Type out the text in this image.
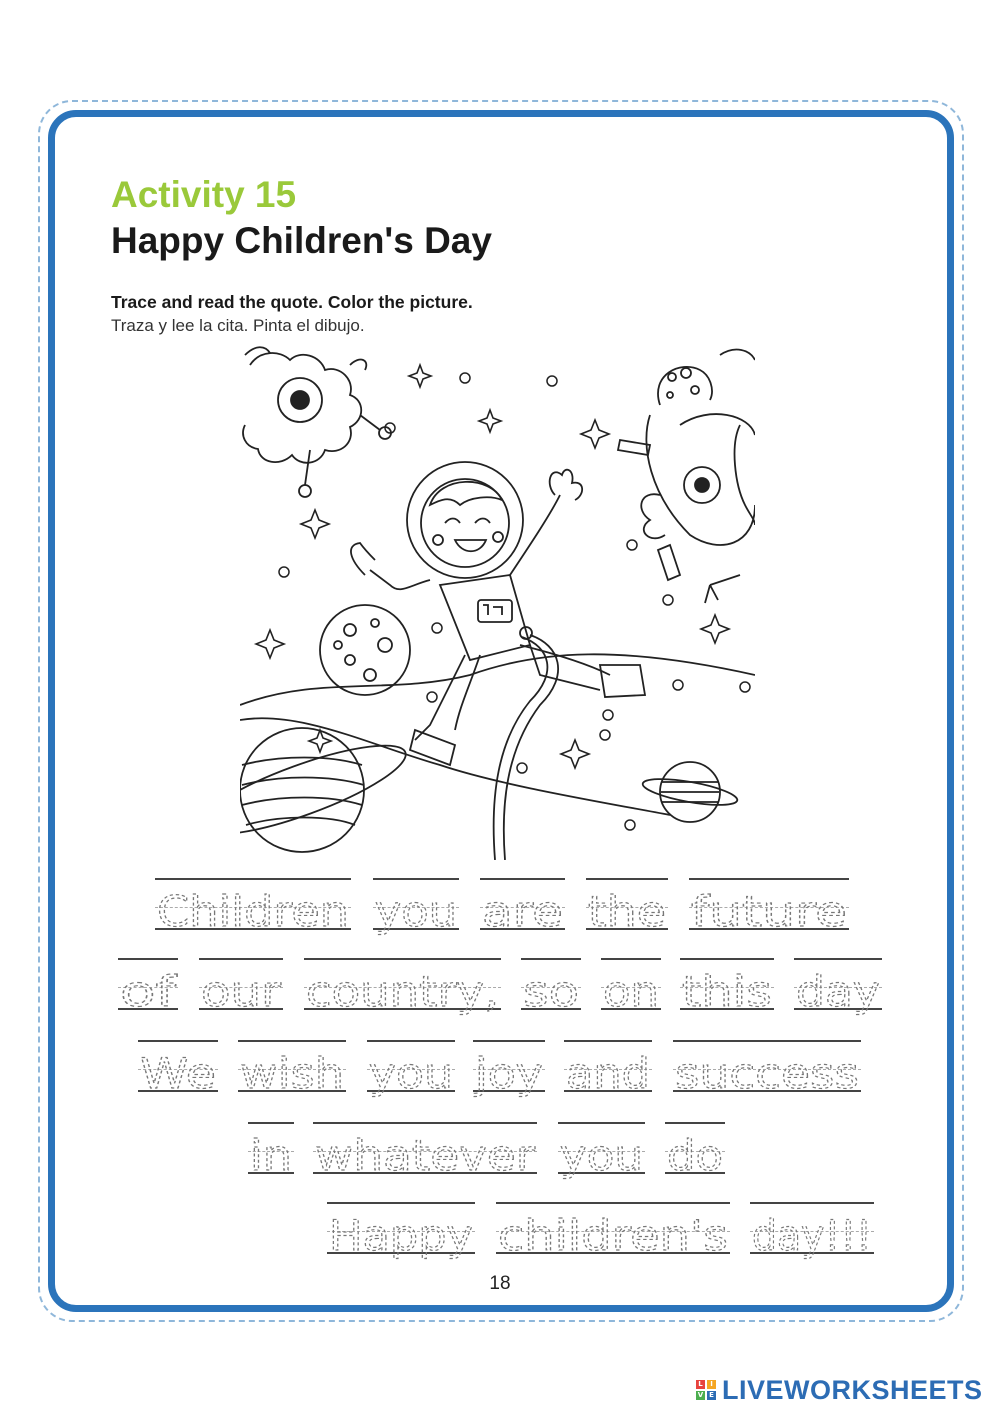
Activity 15
Happy Children's Day
Trace and read the quote. Color the picture.
Traza y lee la cita. Pinta el dibujo.
Children you are the future
of our country, so on this day
We wish you joy and success
in whatever you do
Happy children's day!!!
18
L	I
V E LIVEWORKSHEETS
